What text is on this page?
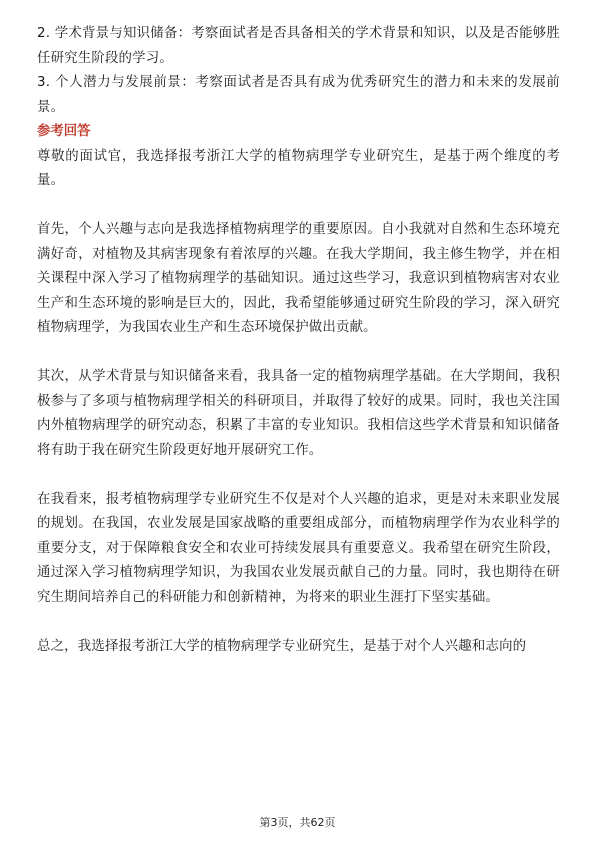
2. 学术背景与知识储备：考察面试者是否具备相关的学术背景和知识，以及是否能够胜任研究生阶段的学习。

3. 个人潜力与发展前景：考察面试者是否具有成为优秀研究生的潜力和未来的发展前景。

参考回答

尊敬的面试官，我选择报考浙江大学的植物病理学专业研究生，是基于两个维度的考量。

首先，个人兴趣与志向是我选择植物病理学的重要原因。自小我就对自然和生态环境充满好奇，对植物及其病害现象有着浓厚的兴趣。在我大学期间，我主修生物学，并在相关课程中深入学习了植物病理学的基础知识。通过这些学习，我意识到植物病害对农业生产和生态环境的影响是巨大的，因此，我希望能够通过研究生阶段的学习，深入研究植物病理学，为我国农业生产和生态环境保护做出贡献。

其次，从学术背景与知识储备来看，我具备一定的植物病理学基础。在大学期间，我积极参与了多项与植物病理学相关的科研项目，并取得了较好的成果。同时，我也关注国内外植物病理学的研究动态，积累了丰富的专业知识。我相信这些学术背景和知识储备将有助于我在研究生阶段更好地开展研究工作。

在我看来，报考植物病理学专业研究生不仅是对个人兴趣的追求，更是对未来职业发展的规划。在我国，农业发展是国家战略的重要组成部分，而植物病理学作为农业科学的重要分支，对于保障粮食安全和农业可持续发展具有重要意义。我希望在研究生阶段，通过深入学习植物病理学知识，为我国农业发展贡献自己的力量。同时，我也期待在研究生期间培养自己的科研能力和创新精神，为将来的职业生涯打下坚实基础。

总之，我选择报考浙江大学的植物病理学专业研究生，是基于对个人兴趣和志向的

第3页，共62页
